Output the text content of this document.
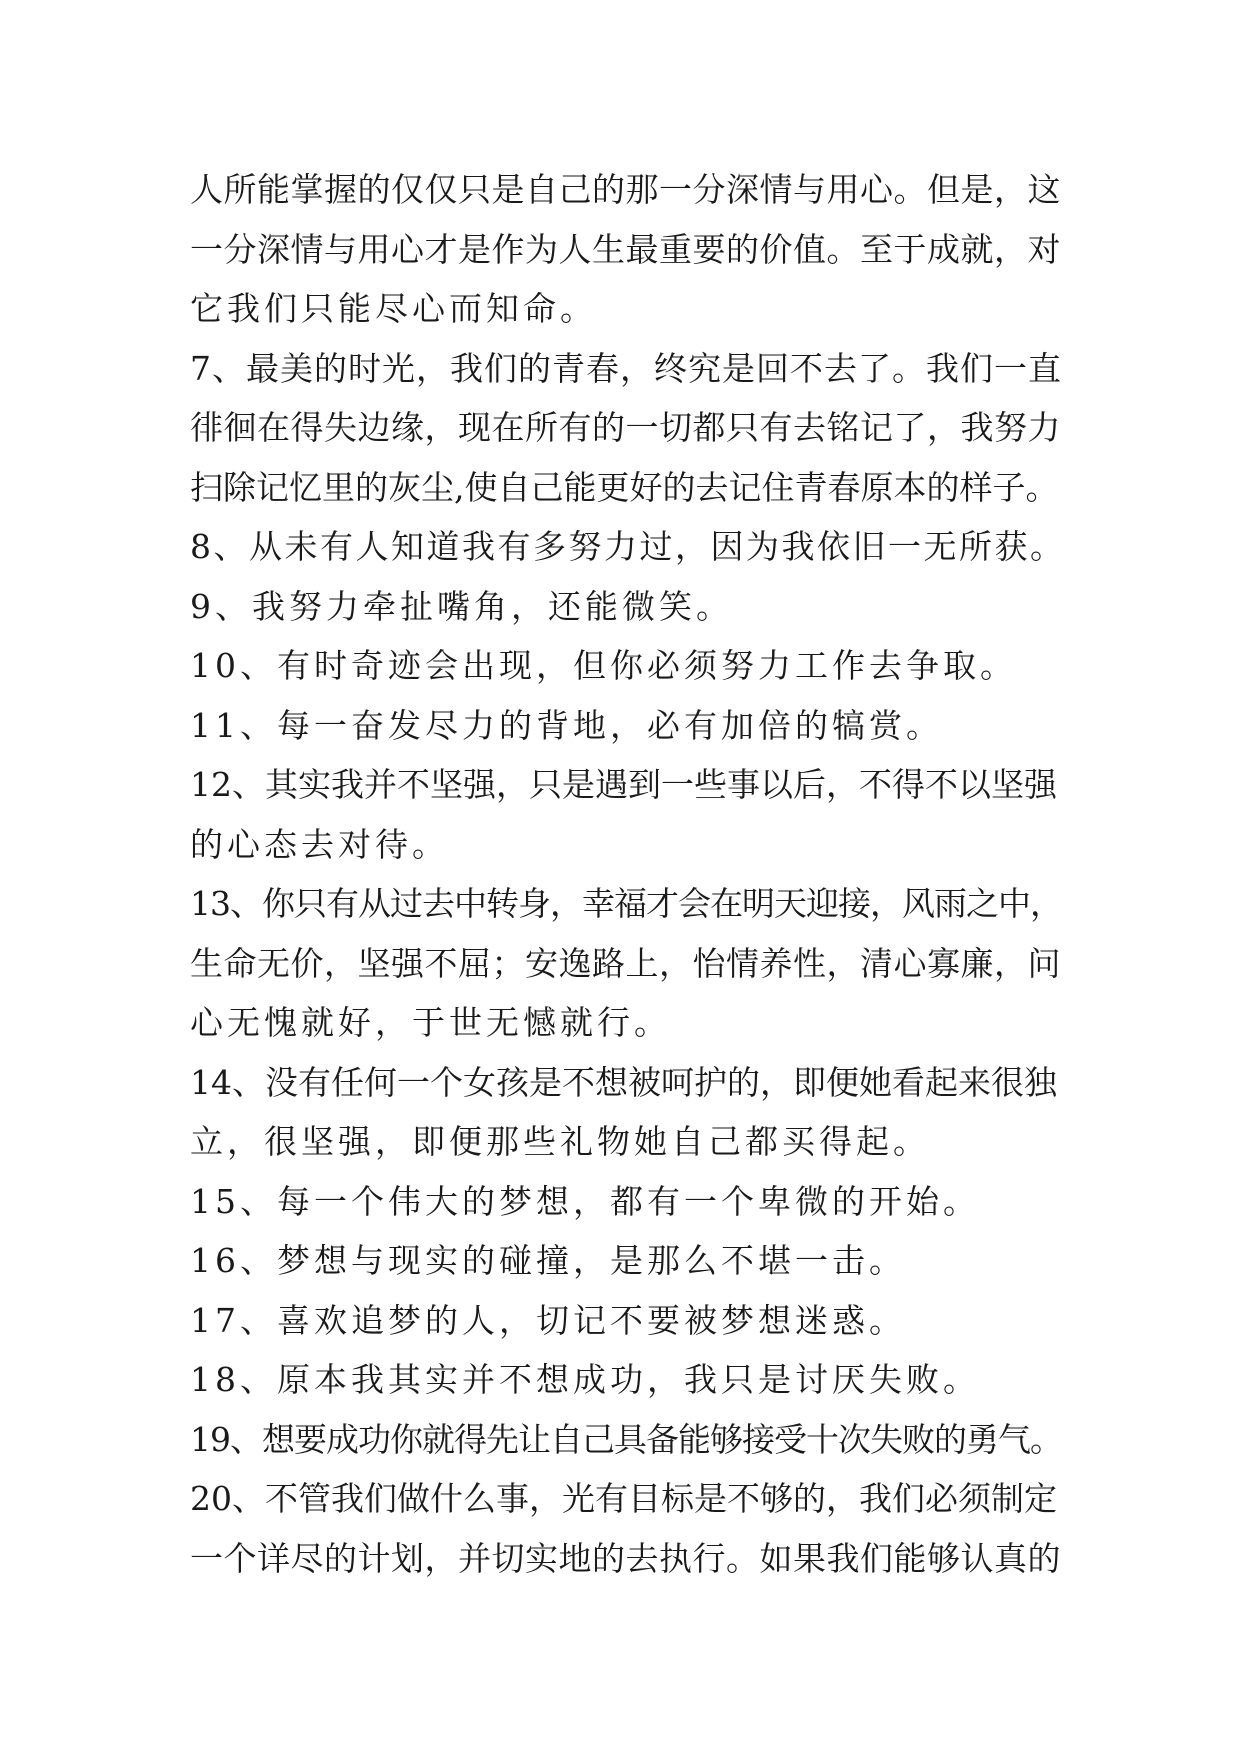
人所能掌握的仅仅只是自己的那一分深情与用心。但是，这
一分深情与用心才是作为人生最重要的价值。至于成就，对
它我们只能尽心而知命。
7、最美的时光，我们的青春，终究是回不去了。我们一直
徘徊在得失边缘，现在所有的一切都只有去铭记了，我努力
扫除记忆里的灰尘,使自己能更好的去记住青春原本的样子。
8、从未有人知道我有多努力过，因为我依旧一无所获。
9、我努力牵扯嘴角，还能微笑。
10、有时奇迹会出现，但你必须努力工作去争取。
11、每一奋发尽力的背地，必有加倍的犒赏。
12、其实我并不坚强，只是遇到一些事以后，不得不以坚强
的心态去对待。
13、你只有从过去中转身，幸福才会在明天迎接，风雨之中，
生命无价，坚强不屈；安逸路上，怡情养性，清心寡廉，问
心无愧就好，于世无憾就行。
14、没有任何一个女孩是不想被呵护的，即便她看起来很独
立，很坚强，即便那些礼物她自己都买得起。
15、每一个伟大的梦想，都有一个卑微的开始。
16、梦想与现实的碰撞，是那么不堪一击。
17、喜欢追梦的人，切记不要被梦想迷惑。
18、原本我其实并不想成功，我只是讨厌失败。
19、想要成功你就得先让自己具备能够接受十次失败的勇气。
20、不管我们做什么事，光有目标是不够的，我们必须制定
一个详尽的计划，并切实地的去执行。如果我们能够认真的
